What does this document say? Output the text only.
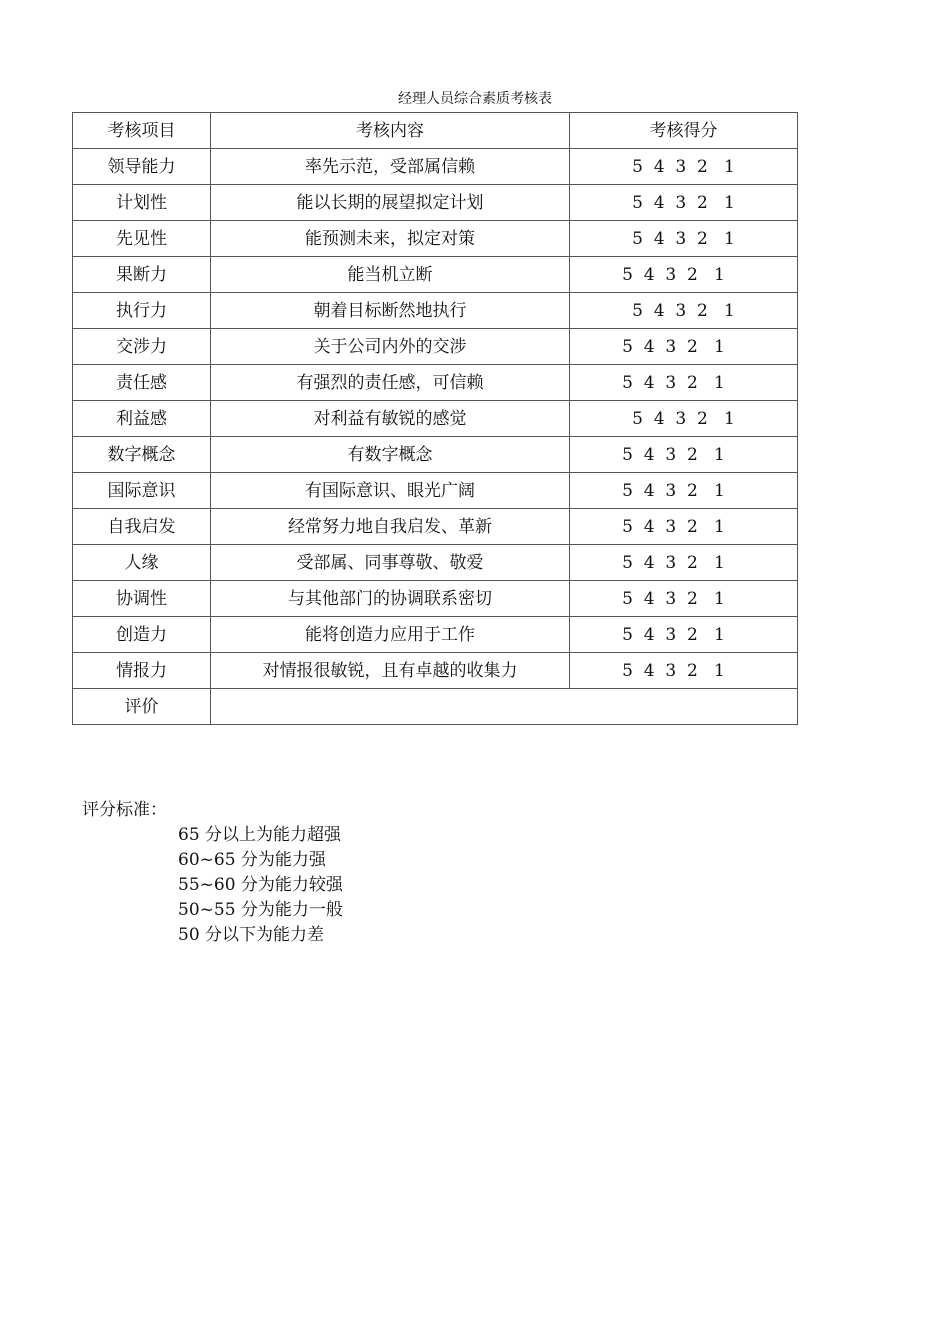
经理人员综合素质考核表
考核项目	考核内容	考核得分
领导能力	率先示范，受部属信赖	5  4  3  2   1
计划性	能以长期的展望拟定计划	5  4  3  2   1
先见性	能预测未来，拟定对策	5  4  3  2   1
果断力	能当机立断	5  4  3  2   1
执行力	朝着目标断然地执行	5  4  3  2   1
交涉力	关于公司内外的交涉	5  4  3  2   1
责任感	有强烈的责任感，可信赖	5  4  3  2   1
利益感	对利益有敏锐的感觉	5  4  3  2   1
数字概念	有数字概念	5  4  3  2   1
国际意识	有国际意识、眼光广阔	5  4  3  2   1
自我启发	经常努力地自我启发、革新	5  4  3  2   1
人缘	受部属、同事尊敬、敬爱	5  4  3  2   1
协调性	与其他部门的协调联系密切	5  4  3  2   1
创造力	能将创造力应用于工作	5  4  3  2   1
情报力	对情报很敏锐，且有卓越的收集力	5  4  3  2   1
评价		
评分标准：
65 分以上为能力超强
60~65 分为能力强
55~60 分为能力较强
50~55 分为能力一般
50 分以下为能力差
